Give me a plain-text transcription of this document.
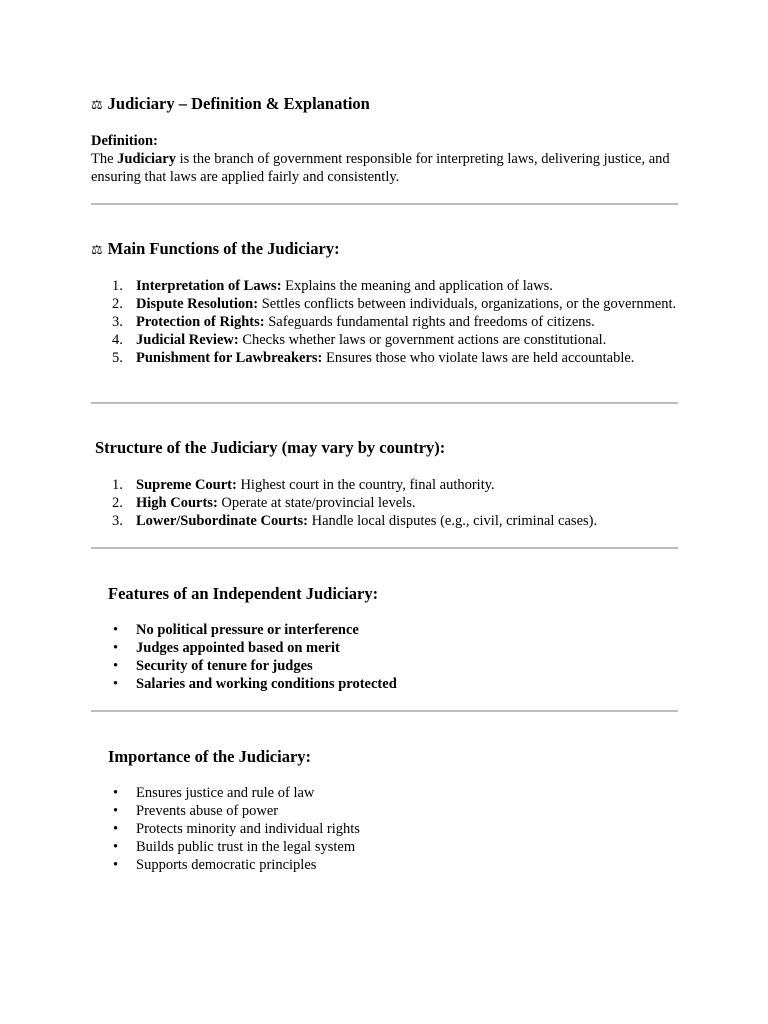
⚖ Judiciary – Definition & Explanation
Definition:
The Judiciary is the branch of government responsible for interpreting laws, delivering justice, and ensuring that laws are applied fairly and consistently.
⚖ Main Functions of the Judiciary:
1. Interpretation of Laws: Explains the meaning and application of laws.
2. Dispute Resolution: Settles conflicts between individuals, organizations, or the government.
3. Protection of Rights: Safeguards fundamental rights and freedoms of citizens.
4. Judicial Review: Checks whether laws or government actions are constitutional.
5. Punishment for Lawbreakers: Ensures those who violate laws are held accountable.
Structure of the Judiciary (may vary by country):
1. Supreme Court: Highest court in the country, final authority.
2. High Courts: Operate at state/provincial levels.
3. Lower/Subordinate Courts: Handle local disputes (e.g., civil, criminal cases).
Features of an Independent Judiciary:
• No political pressure or interference
• Judges appointed based on merit
• Security of tenure for judges
• Salaries and working conditions protected
Importance of the Judiciary:
• Ensures justice and rule of law
• Prevents abuse of power
• Protects minority and individual rights
• Builds public trust in the legal system
• Supports democratic principles
